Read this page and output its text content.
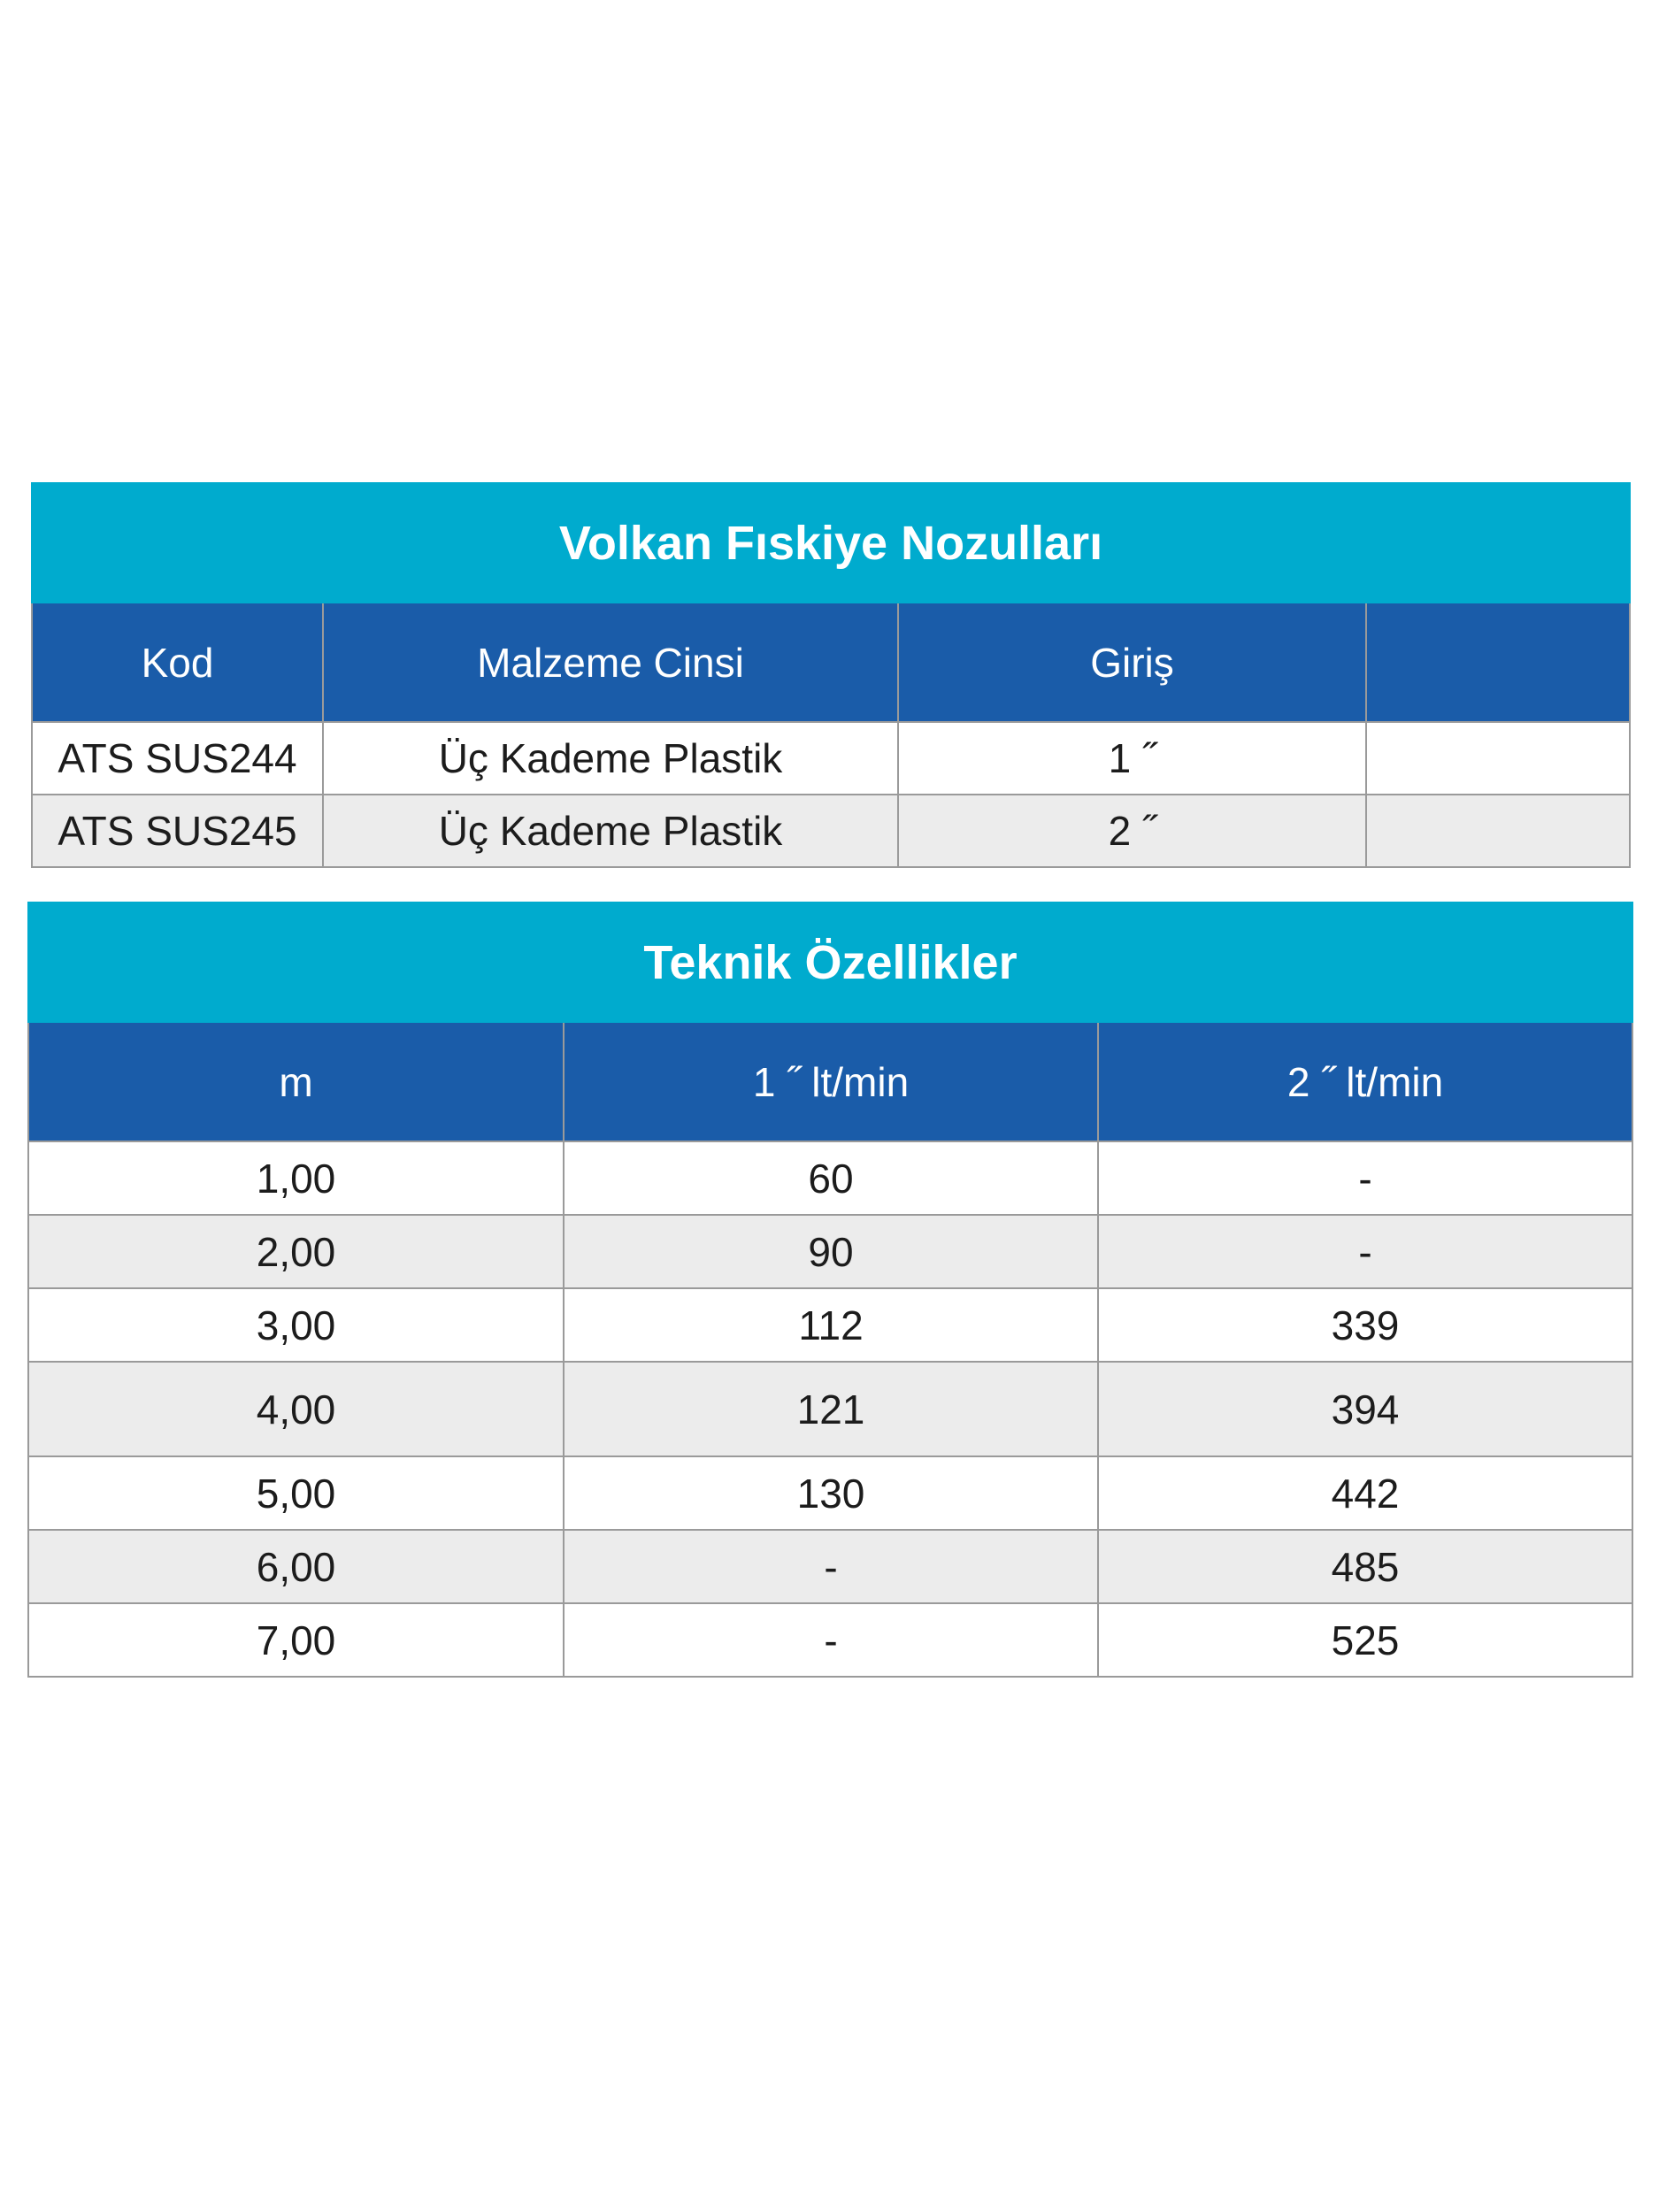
Volkan Fıskiye Nozulları			
Kod	Malzeme Cinsi	Giriş	
ATS SUS244	Üç Kademe Plastik	1 ˝	
ATS SUS245	Üç Kademe Plastik	2 ˝	
Teknik Özellikler		
m	1 ˝ lt/min	2 ˝ lt/min
1,00	60	-
2,00	90	-
3,00	112	339
4,00	121	394
5,00	130	442
6,00	-	485
7,00	-	525
